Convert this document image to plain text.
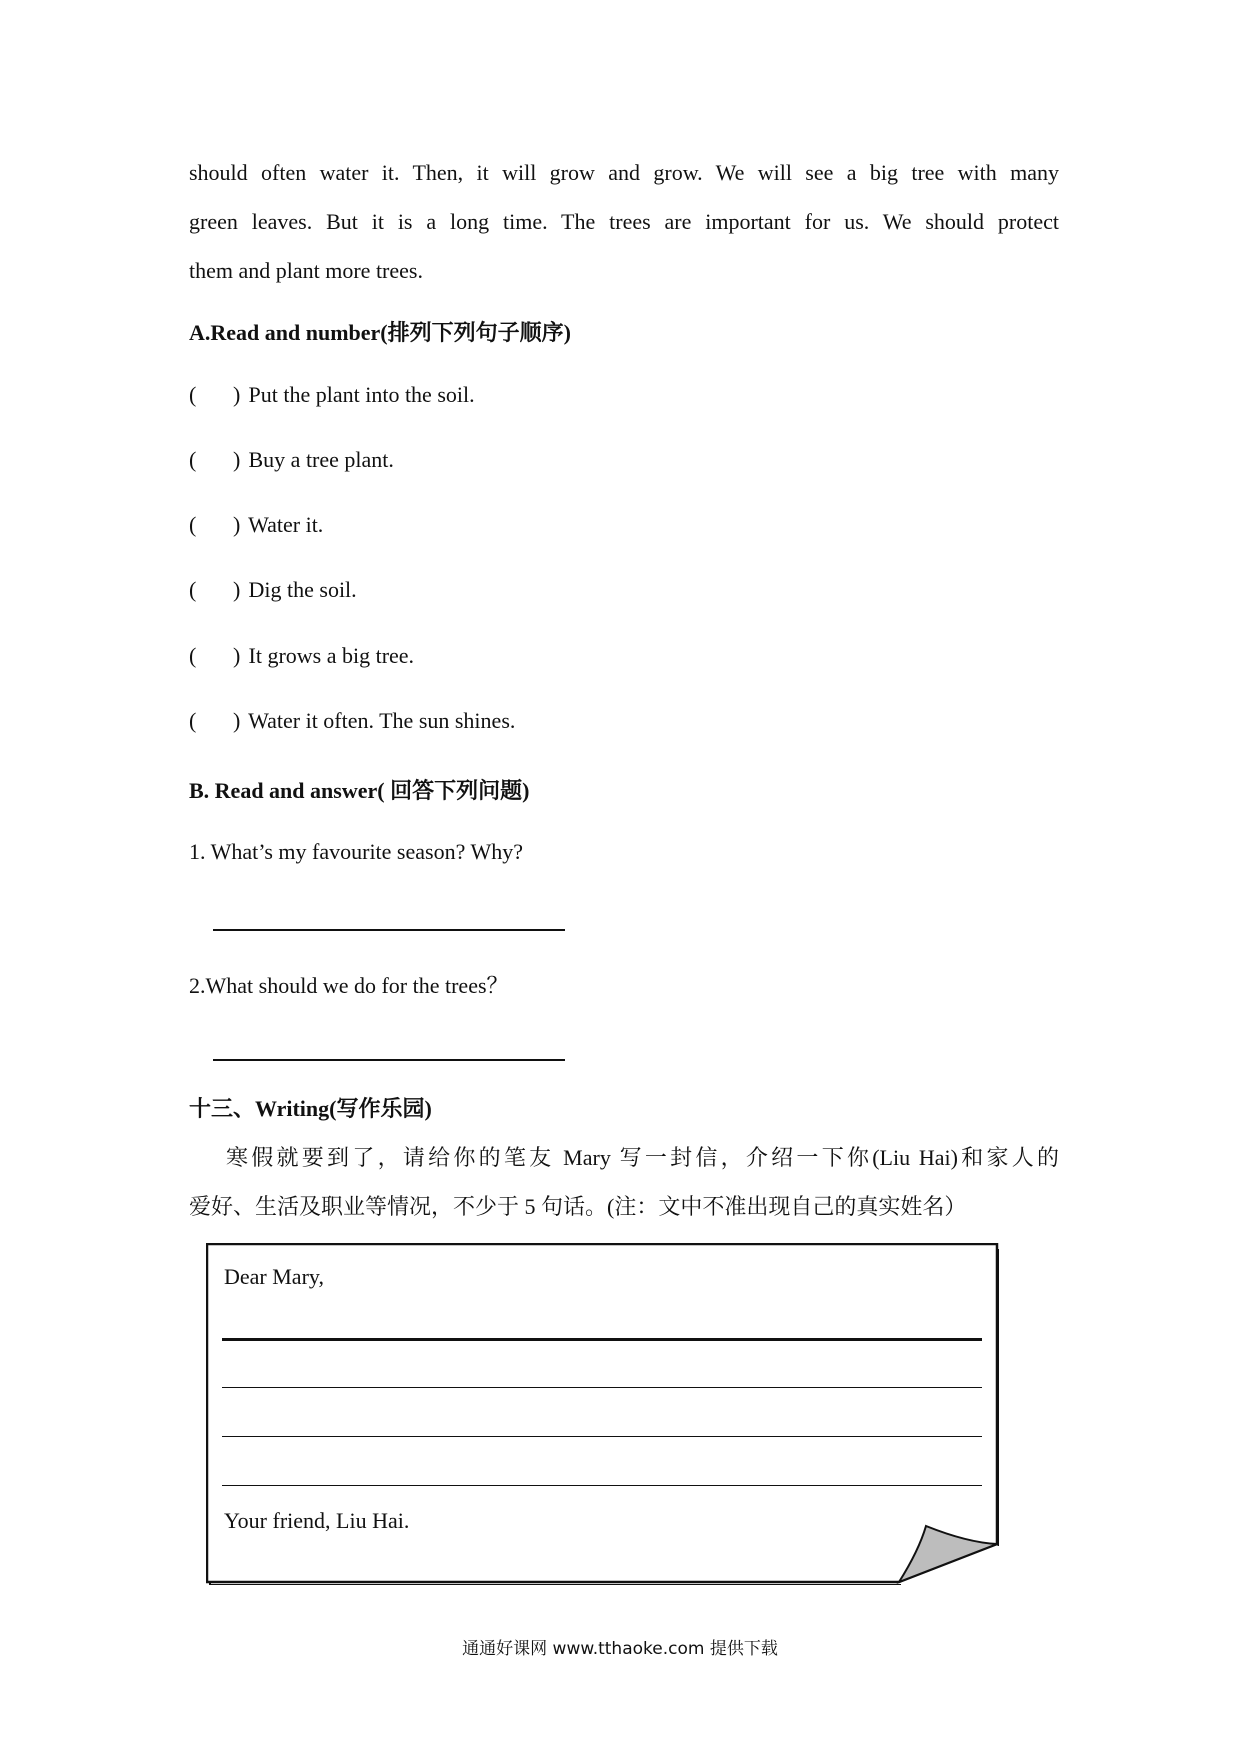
should often water it. Then, it will grow and grow. We will see a big tree with many
green leaves. But it is a long time. The trees are important for us. We should protect
them and plant more trees.
A.Read and number(排列下列句子顺序)
( ) Put the plant into the soil.
( ) Buy a tree plant.
( ) Water it.
( ) Dig the soil.
( ) It grows a big tree.
( ) Water it often. The sun shines.
B. Read and answer( 回答下列问题)
1. What’s my favourite season? Why?
2.What should we do for the trees？
十三、Writing(写作乐园)
寒假就要到了，请给你的笔友 Mary 写一封信，介绍一下你(Liu Hai)和家人的
爱好、生活及职业等情况，不少于 5 句话。(注：文中不准出现自己的真实姓名）
Dear Mary,
Your friend, Liu Hai.
通通好课网 www.tthaoke.com 提供下载
